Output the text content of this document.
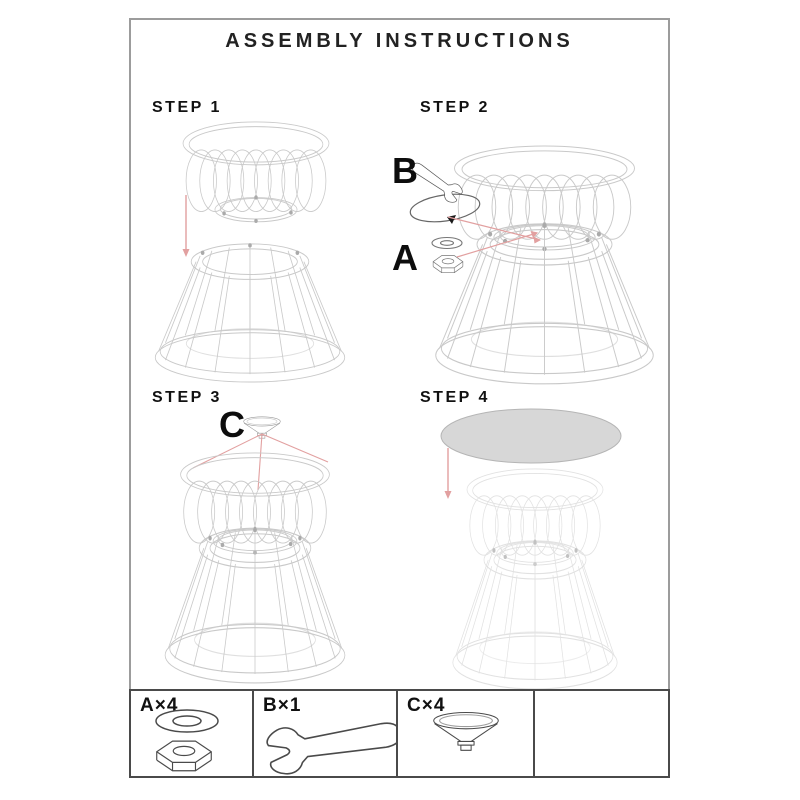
ASSEMBLY INSTRUCTIONS
STEP 1	STEP 2
STEP 3	STEP 4
B
A
C
A×4	B×1	C×4
